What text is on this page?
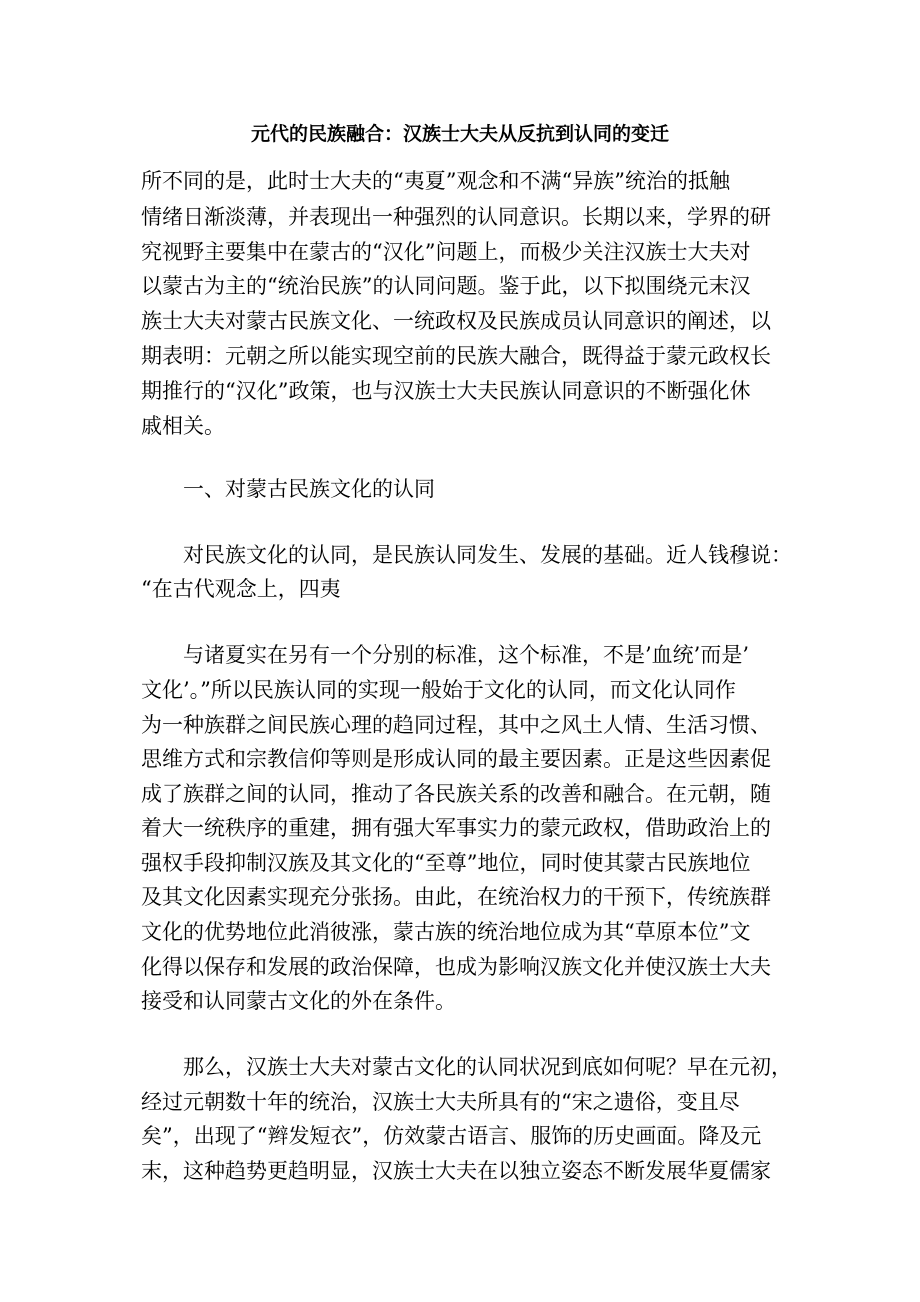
元代的民族融合：汉族士大夫从反抗到认同的变迁
所不同的是，此时士大夫的“夷夏”观念和不满“异族”统治的抵触
情绪日渐淡薄，并表现出一种强烈的认同意识。长期以来，学界的研
究视野主要集中在蒙古的“汉化”问题上，而极少关注汉族士大夫对
以蒙古为主的“统治民族”的认同问题。鉴于此，以下拟围绕元末汉
族士大夫对蒙古民族文化、一统政权及民族成员认同意识的阐述，以
期表明：元朝之所以能实现空前的民族大融合，既得益于蒙元政权长
期推行的“汉化”政策，也与汉族士大夫民族认同意识的不断强化休
戚相关。
一、对蒙古民族文化的认同
对民族文化的认同，是民族认同发生、发展的基础。近人钱穆说：
“在古代观念上，四夷
与诸夏实在另有一个分别的标准，这个标准，不是’血统’而是’
文化’。”所以民族认同的实现一般始于文化的认同，而文化认同作
为一种族群之间民族心理的趋同过程，其中之风土人情、生活习惯、
思维方式和宗教信仰等则是形成认同的最主要因素。正是这些因素促
成了族群之间的认同，推动了各民族关系的改善和融合。在元朝，随
着大一统秩序的重建，拥有强大军事实力的蒙元政权，借助政治上的
强权手段抑制汉族及其文化的“至尊”地位，同时使其蒙古民族地位
及其文化因素实现充分张扬。由此，在统治权力的干预下，传统族群
文化的优势地位此消彼涨，蒙古族的统治地位成为其“草原本位”文
化得以保存和发展的政治保障，也成为影响汉族文化并使汉族士大夫
接受和认同蒙古文化的外在条件。
那么，汉族士大夫对蒙古文化的认同状况到底如何呢？早在元初，
经过元朝数十年的统治，汉族士大夫所具有的“宋之遗俗，变且尽
矣”，出现了“辫发短衣”，仿效蒙古语言、服饰的历史画面。降及元
末，这种趋势更趋明显，汉族士大夫在以独立姿态不断发展华夏儒家
